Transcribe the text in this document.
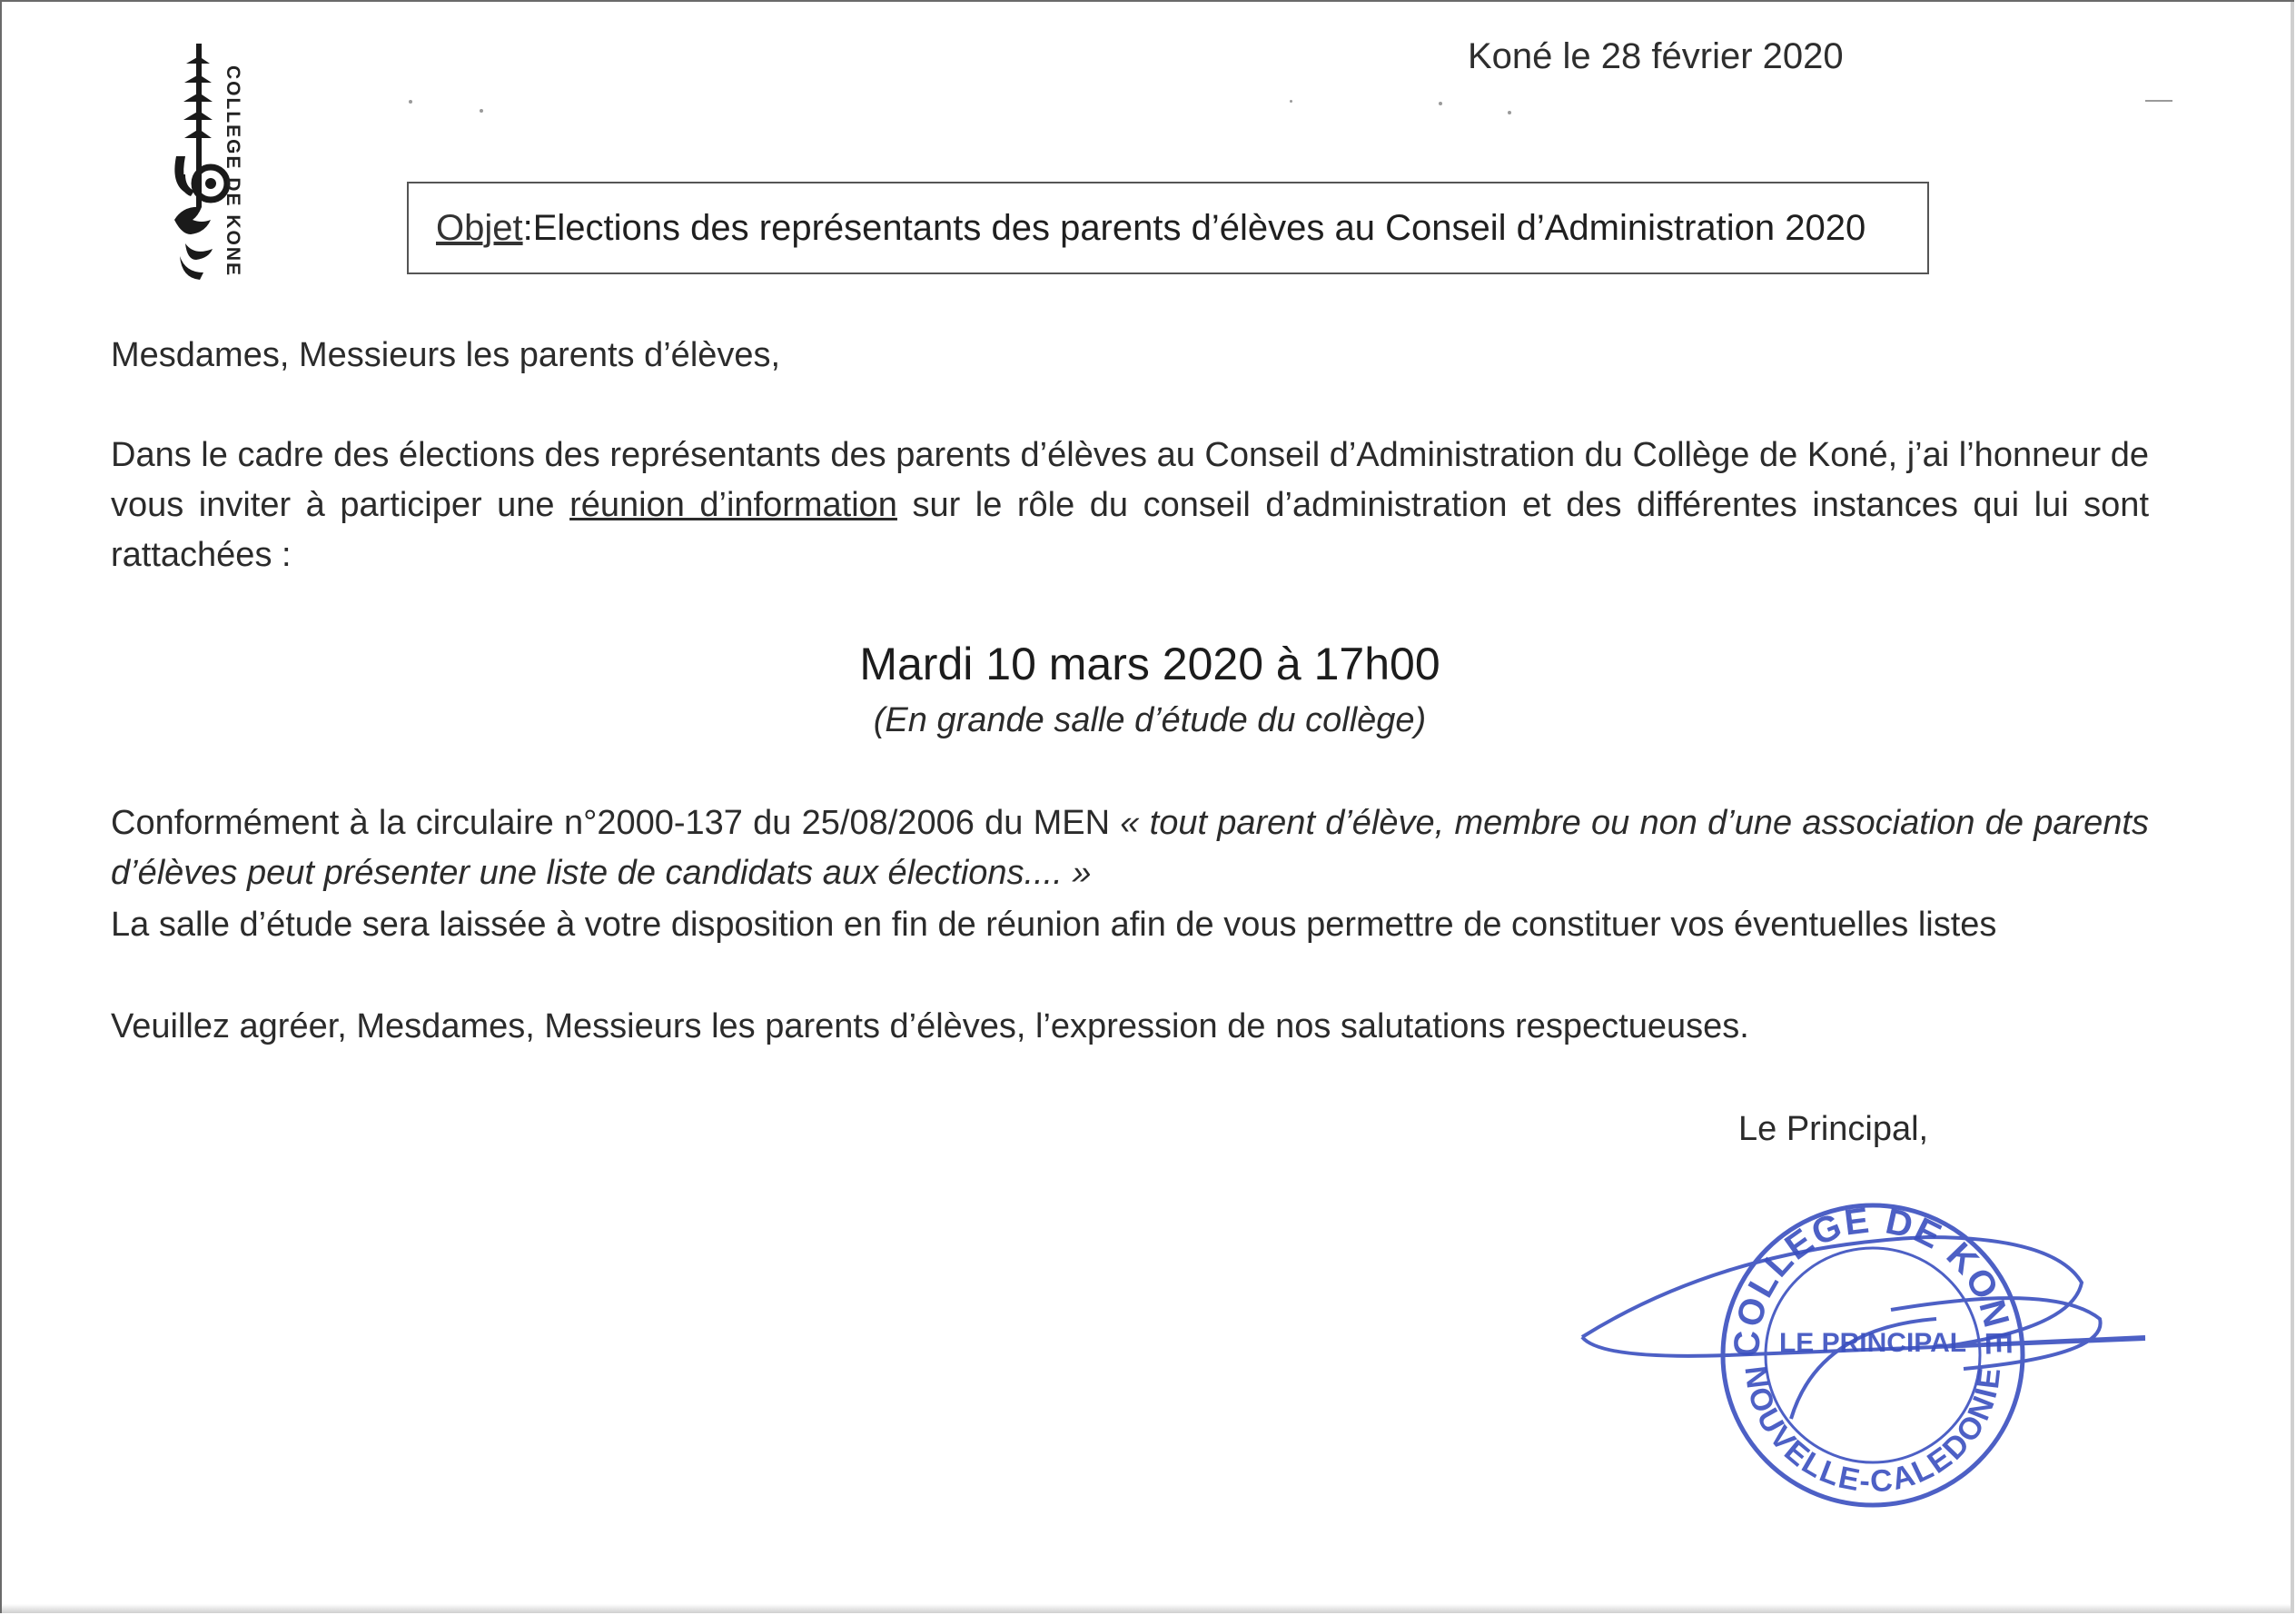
COLLEGE DE KONE
Koné le 28 février 2020
Objet : Elections des représentants des parents d’élèves au Conseil d’Administration 2020
Mesdames, Messieurs les parents d’élèves,
Dans le cadre des élections des représentants des parents d’élèves au Conseil d’Administration du Collège de Koné, j’ai l’honneur de vous inviter à participer une réunion d’information sur le rôle du conseil d’administration et des différentes instances qui lui sont rattachées :
Mardi 10 mars 2020 à 17h00
(En grande salle d’étude du collège)
Conformément à la circulaire n°2000-137 du 25/08/2006 du MEN « tout parent d’élève, membre ou non d’une association de parents d’élèves peut présenter une liste de candidats aux élections.... »
La salle d’étude sera laissée à votre disposition en fin de réunion afin de vous permettre de constituer vos éventuelles listes
Veuillez agréer, Mesdames, Messieurs les parents d’élèves, l’expression de nos salutations respectueuses.
Le Principal,
COLLEGE DE KONE
LE PRINCIPAL
NOUVELLE-CALEDONIE
